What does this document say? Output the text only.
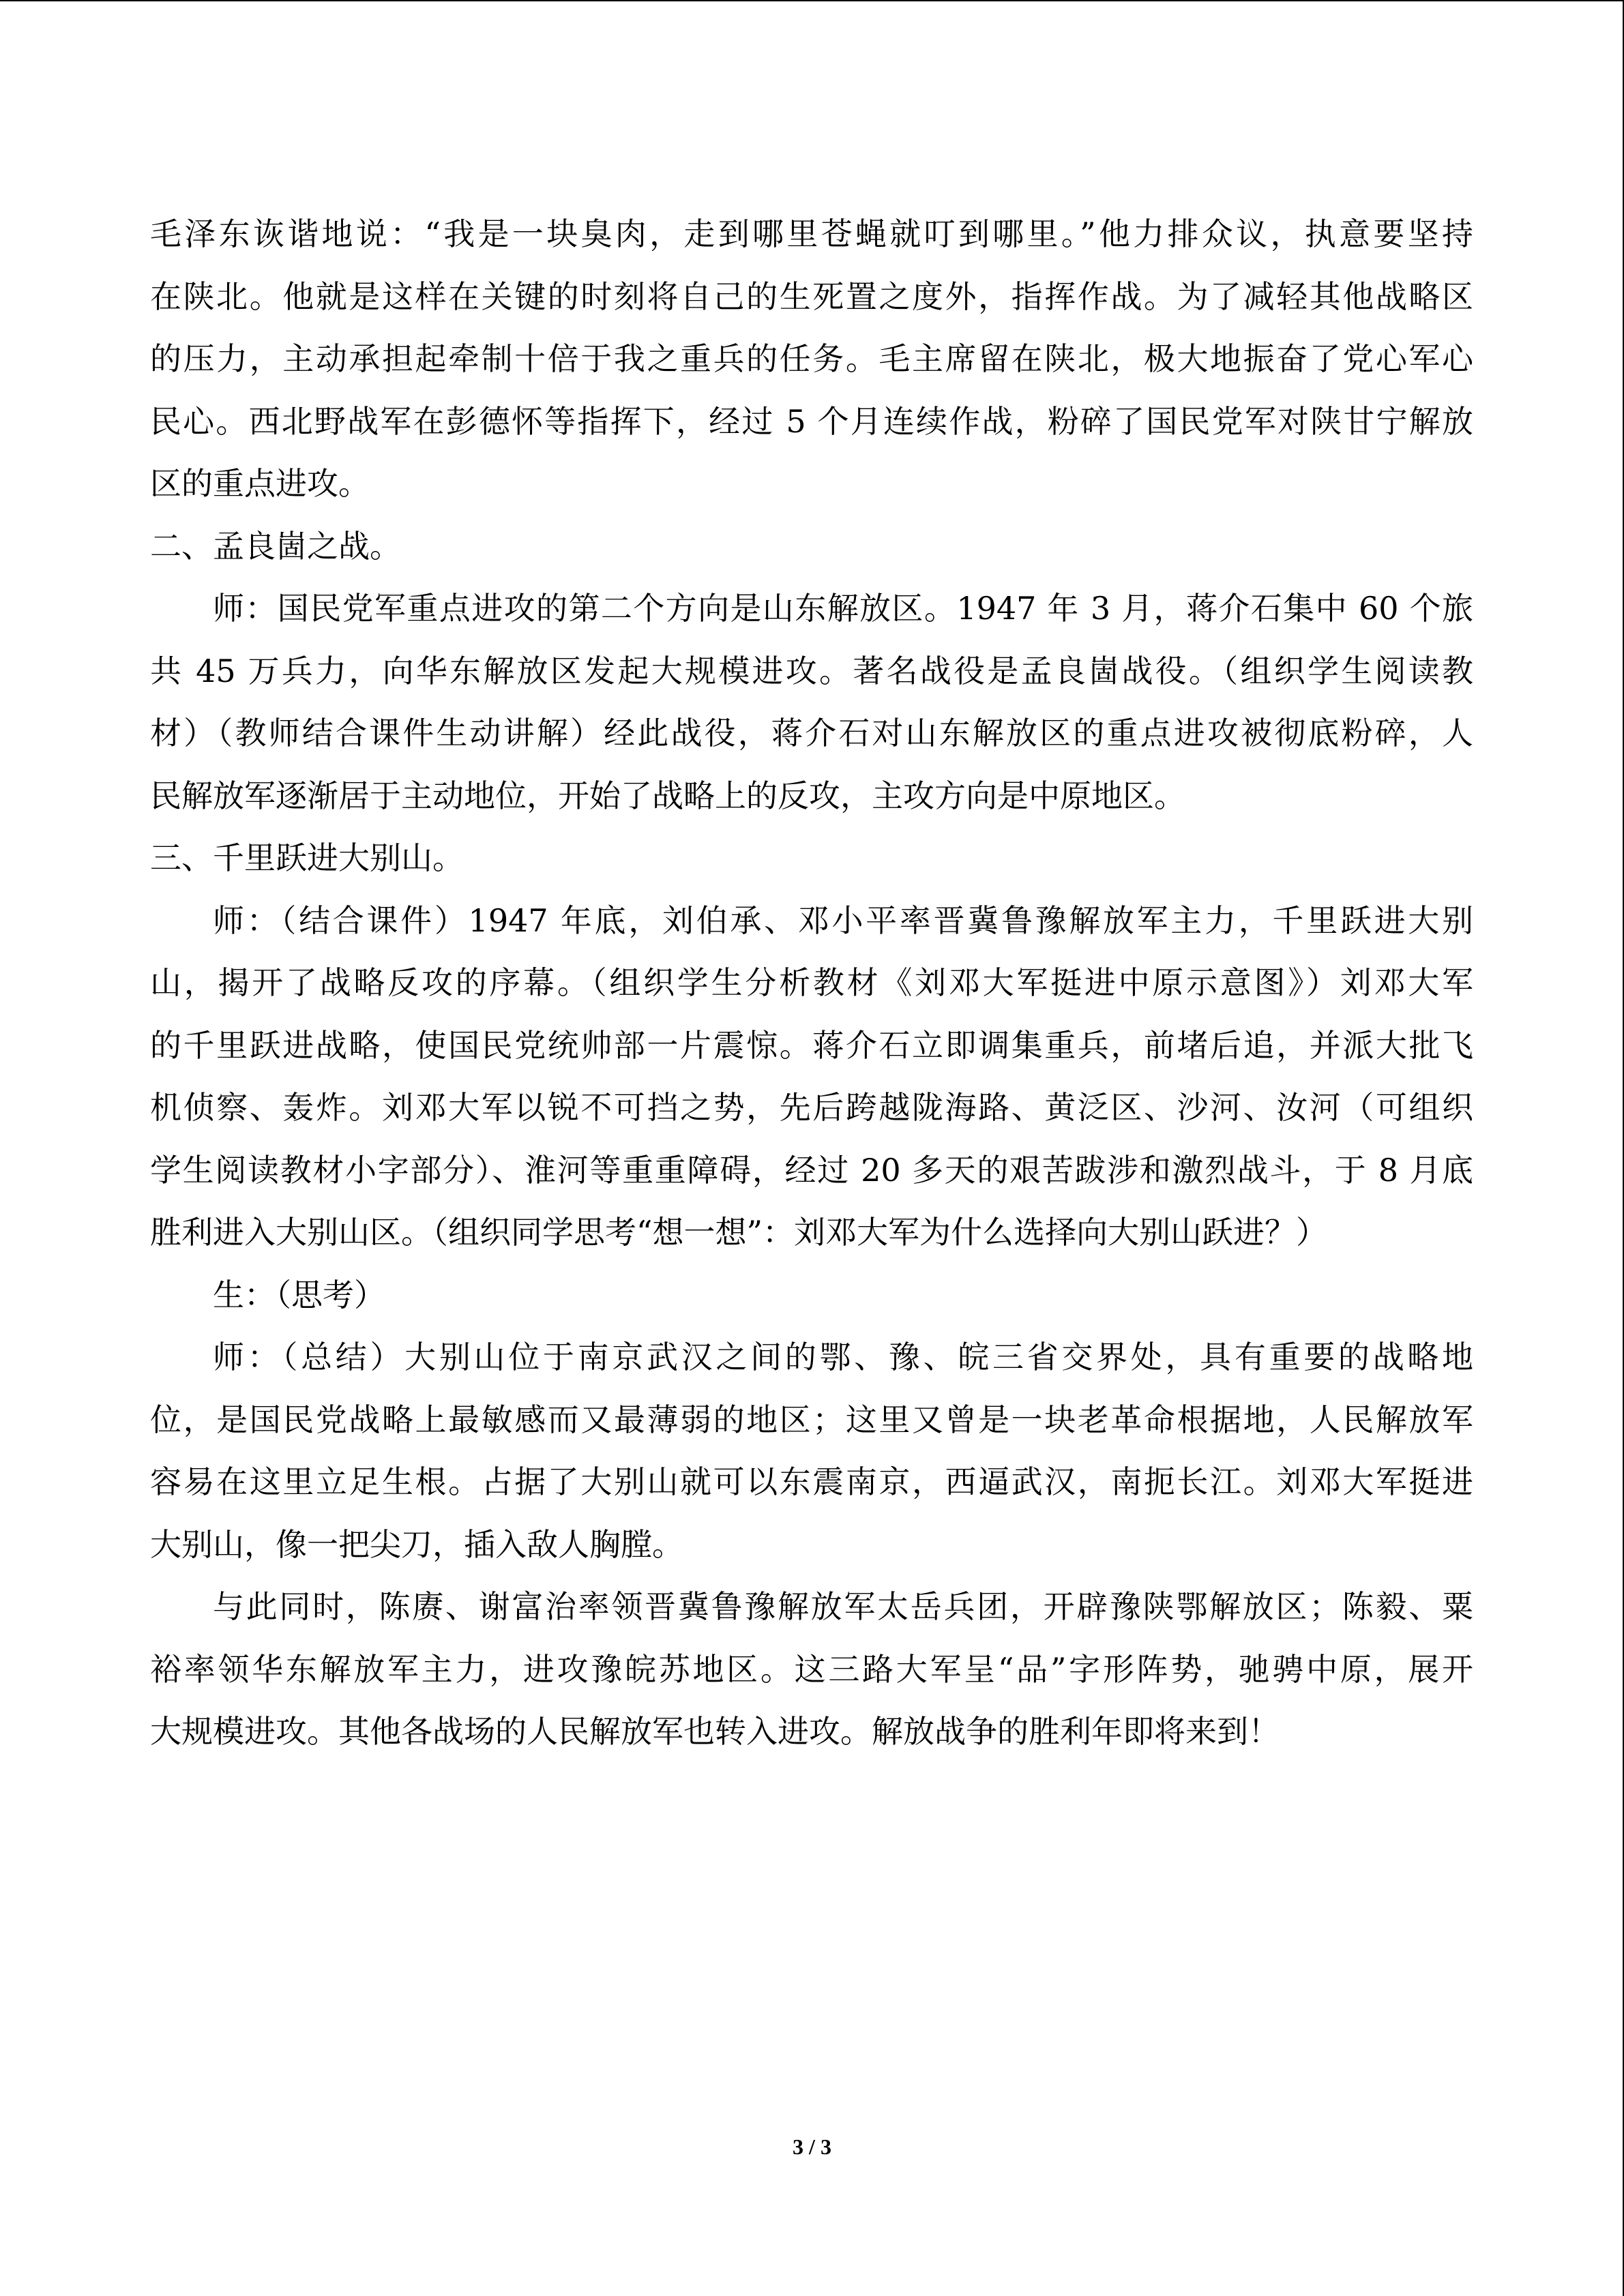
毛泽东诙谐地说：“我是一块臭肉，走到哪里苍蝇就叮到哪里。”他力排众议，执意要坚持
在陕北。他就是这样在关键的时刻将自己的生死置之度外，指挥作战。为了减轻其他战略区
的压力，主动承担起牵制十倍于我之重兵的任务。毛主席留在陕北，极大地振奋了党心军心
民心。西北野战军在彭德怀等指挥下，经过 5 个月连续作战，粉碎了国民党军对陕甘宁解放
区的重点进攻。
二、孟良崮之战。
师：国民党军重点进攻的第二个方向是山东解放区。1947 年 3 月，蒋介石集中 60 个旅
共 45 万兵力，向华东解放区发起大规模进攻。著名战役是孟良崮战役。（组织学生阅读教
材）（教师结合课件生动讲解）经此战役，蒋介石对山东解放区的重点进攻被彻底粉碎，人
民解放军逐渐居于主动地位，开始了战略上的反攻，主攻方向是中原地区。
三、千里跃进大别山。
师：（结合课件）1947 年底，刘伯承、邓小平率晋冀鲁豫解放军主力，千里跃进大别
山，揭开了战略反攻的序幕。（组织学生分析教材《刘邓大军挺进中原示意图》）刘邓大军
的千里跃进战略，使国民党统帅部一片震惊。蒋介石立即调集重兵，前堵后追，并派大批飞
机侦察、轰炸。刘邓大军以锐不可挡之势，先后跨越陇海路、黄泛区、沙河、汝河（可组织
学生阅读教材小字部分）、淮河等重重障碍，经过 20 多天的艰苦跋涉和激烈战斗，于 8 月底
胜利进入大别山区。（组织同学思考“想一想”：刘邓大军为什么选择向大别山跃进？）
生：（思考）
师：（总结）大别山位于南京武汉之间的鄂、豫、皖三省交界处，具有重要的战略地
位，是国民党战略上最敏感而又最薄弱的地区；这里又曾是一块老革命根据地，人民解放军
容易在这里立足生根。占据了大别山就可以东震南京，西逼武汉，南扼长江。刘邓大军挺进
大别山，像一把尖刀，插入敌人胸膛。
与此同时，陈赓、谢富治率领晋冀鲁豫解放军太岳兵团，开辟豫陕鄂解放区；陈毅、粟
裕率领华东解放军主力，进攻豫皖苏地区。这三路大军呈“品”字形阵势，驰骋中原，展开
大规模进攻。其他各战场的人民解放军也转入进攻。解放战争的胜利年即将来到！
3 / 3
